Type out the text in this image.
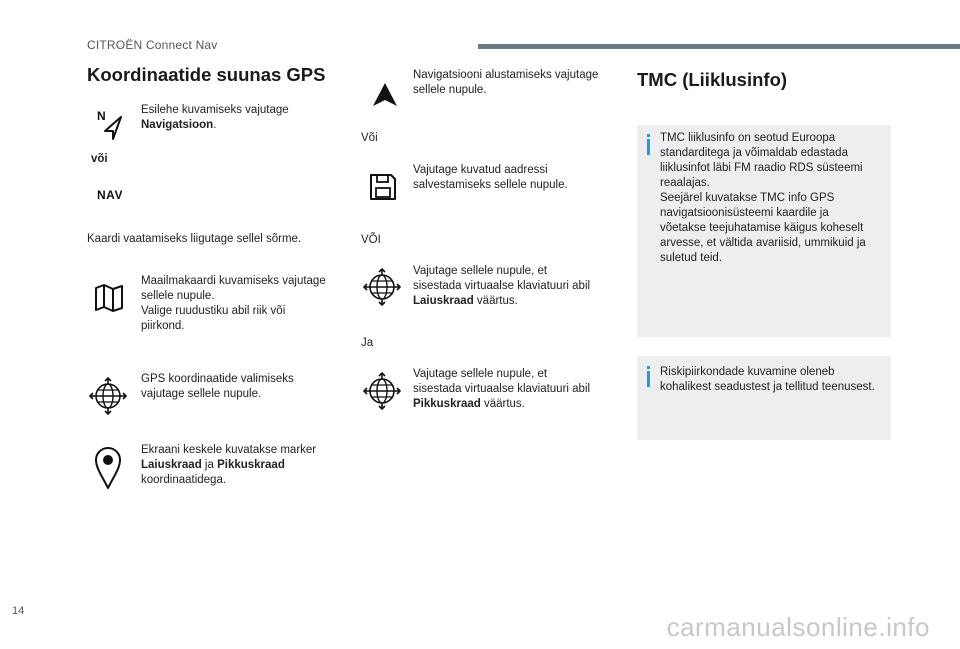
CITROËN Connect Nav
Koordinaatide suunas GPS
N	Esilehe kuvamiseks vajutage
Navigatsioon.
või
NAV
Kaardi vaatamiseks liigutage sellel sõrme.
Maailmakaardi kuvamiseks vajutage
sellele nupule.
Valige ruudustiku abil riik või
piirkond.
GPS koordinaatide valimiseks
vajutage sellele nupule.
Ekraani keskele kuvatakse marker
Laiuskraad ja Pikkuskraad
koordinaatidega.
Navigatsiooni alustamiseks vajutage
sellele nupule.
Või
Vajutage kuvatud aadressi
salvestamiseks sellele nupule.
VÕI
Vajutage sellele nupule, et
sisestada virtuaalse klaviatuuri abil
Laiuskraad väärtus.
Ja
Vajutage sellele nupule, et
sisestada virtuaalse klaviatuuri abil
Pikkuskraad väärtus.
TMC (Liiklusinfo)
TMC liiklusinfo on seotud Euroopa
standarditega ja võimaldab edastada
liiklusinfot läbi FM raadio RDS süsteemi
reaalajas.
Seejärel kuvatakse TMC info GPS
navigatsioonisüsteemi kaardile ja
võetakse teejuhatamise käigus koheselt
arvesse, et vältida avariisid, ummikuid ja
suletud teid.
Riskipiirkondade kuvamine oleneb
kohalikest seadustest ja tellitud teenusest.
14
carmanualsonline.info
